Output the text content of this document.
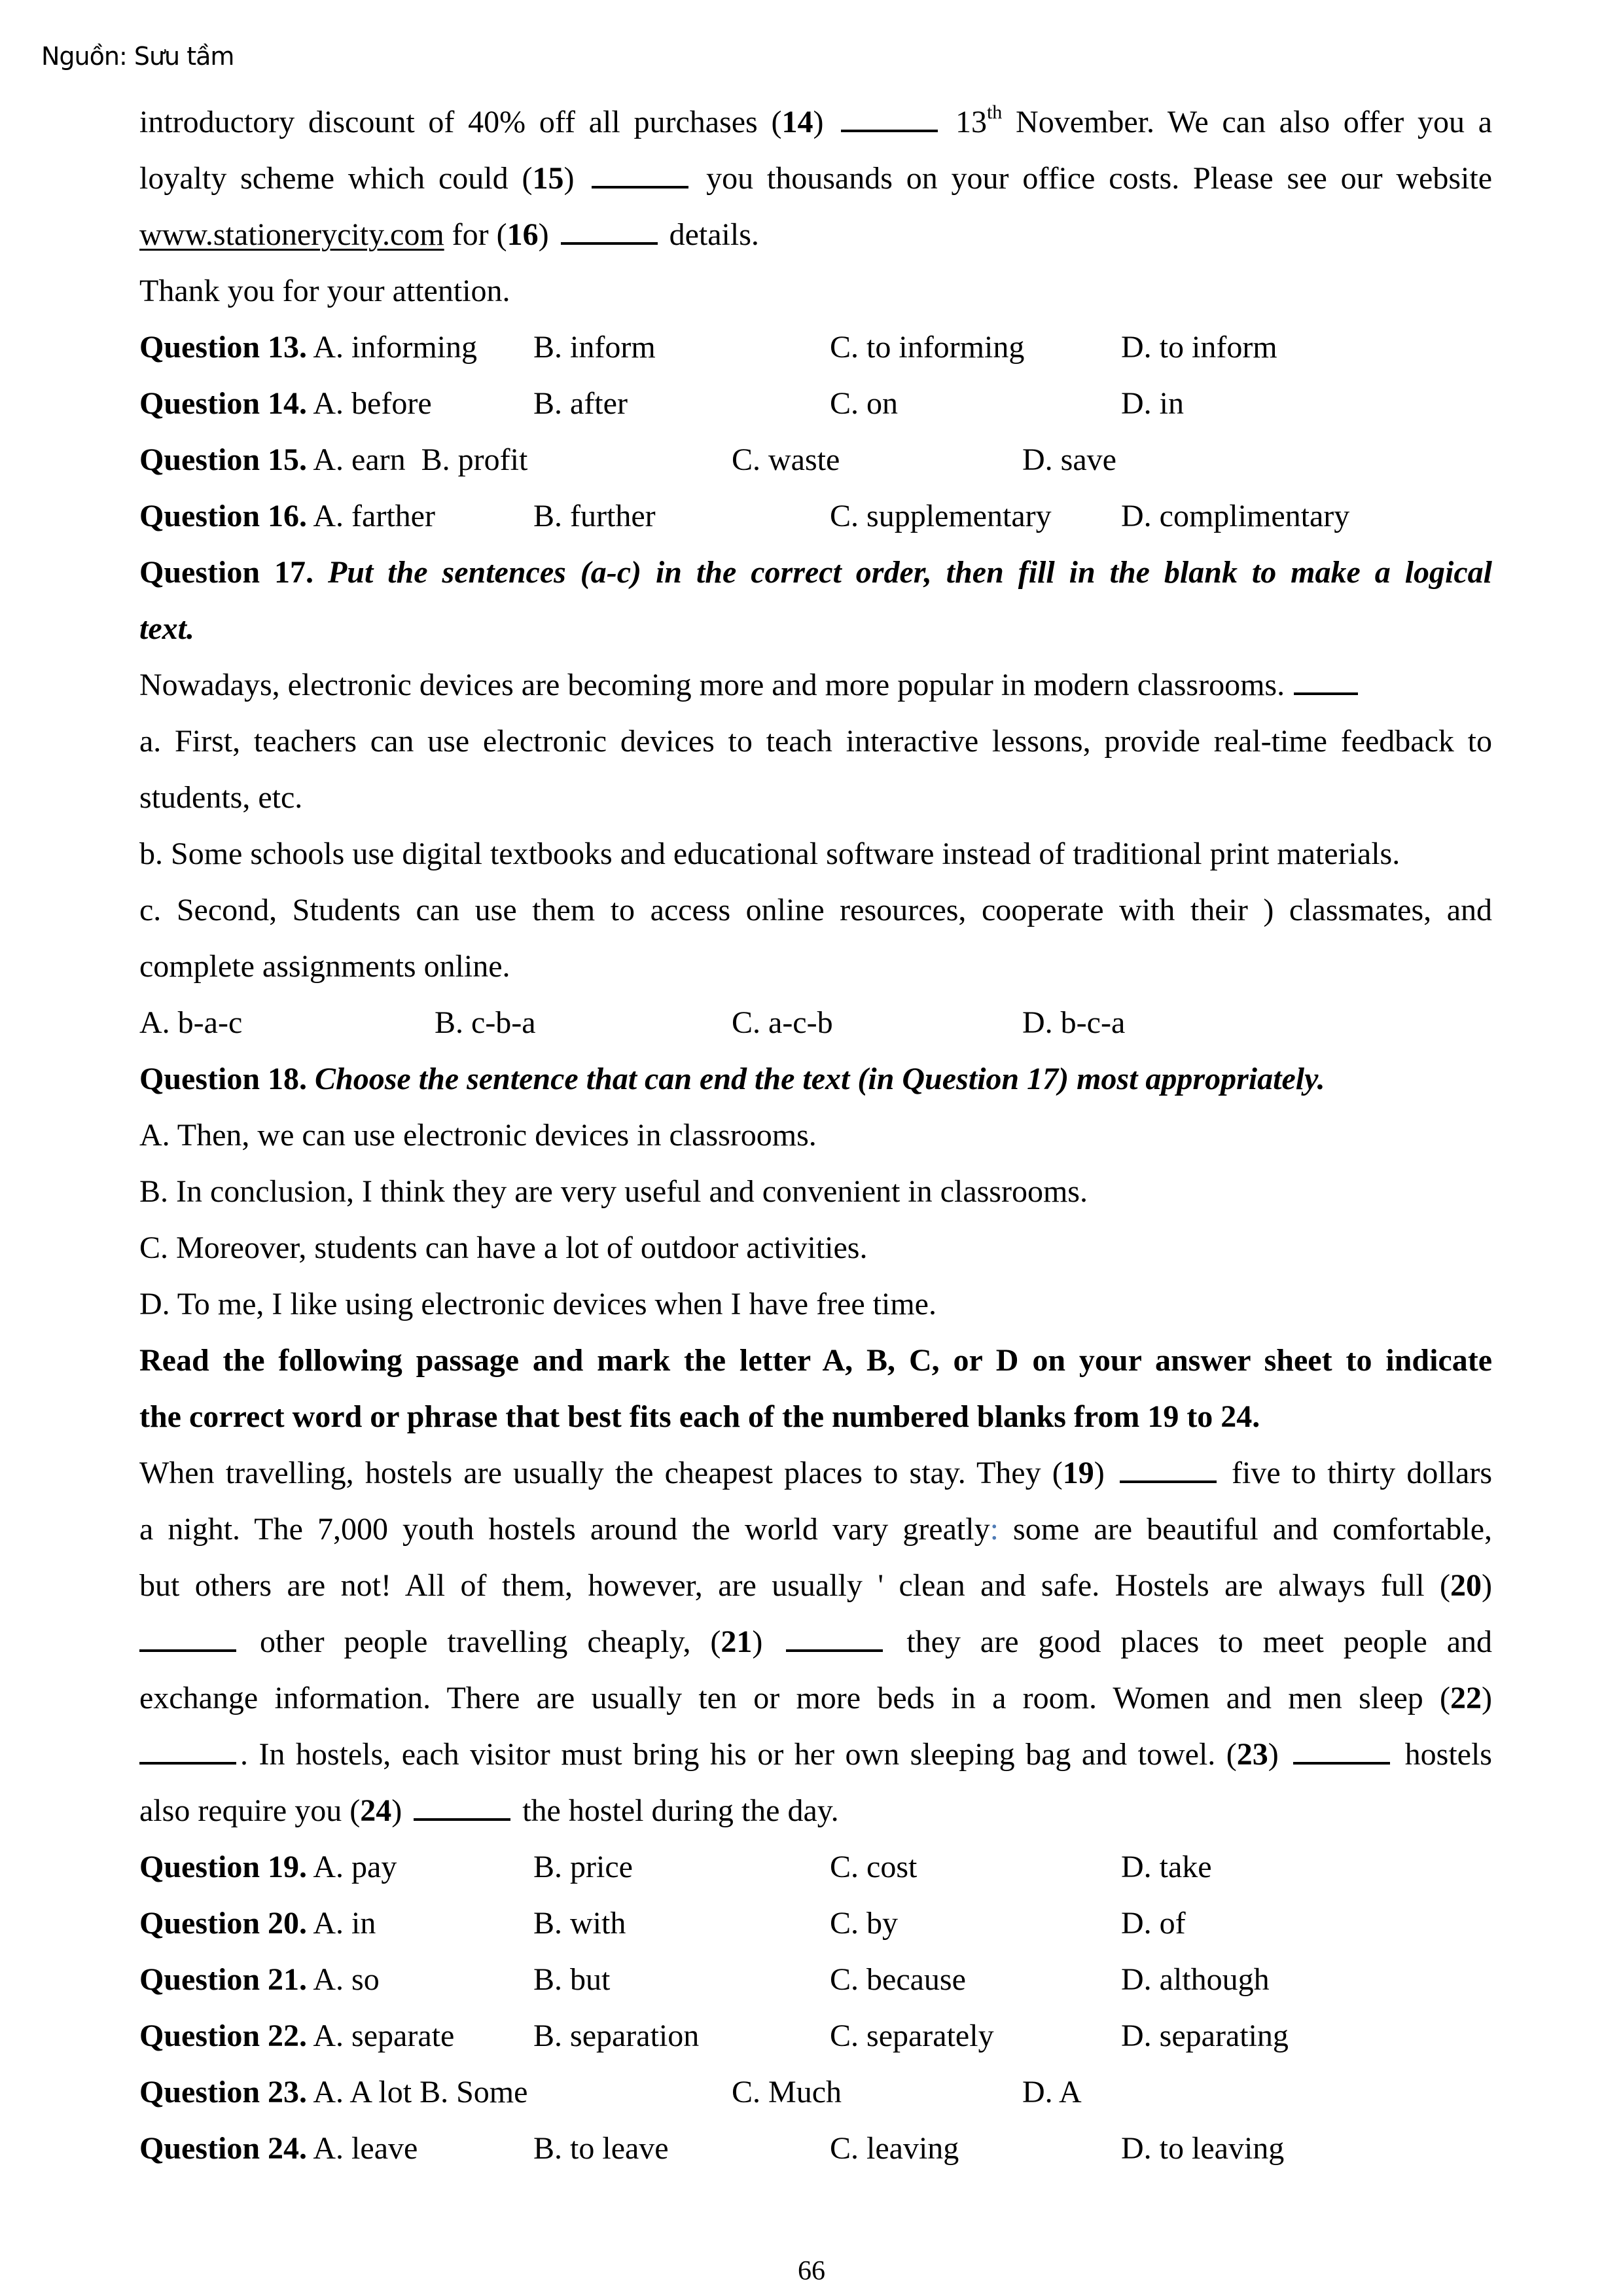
Nguồn: Sưu tầm
introductory discount of 40% off all purchases (14)	13th November. We can also offer you a
loyalty scheme which could (15)	you thousands on your office costs. Please see our website
www.stationerycity.com for (16)	details.
Thank you for your attention.
Question 13. A. informing B. inform	C. to informing	D. to inform
Question 14. A. before	B. after	C. on	D. in
Question 15. A. earn B. profit	C. waste	D. save
Question 16. A. farther	B. further	C. supplementary D. complimentary
Question 17. Put the sentences (a-c) in the correct order, then fill in the blank to make a logical
text.
Nowadays, electronic devices are becoming more and more popular in modern classrooms.
a. First, teachers can use electronic devices to teach interactive lessons, provide real-time feedback to
students, etc.
b. Some schools use digital textbooks and educational software instead of traditional print materials.
c. Second, Students can use them to access online resources, cooperate with their ) classmates, and
complete assignments online.
A. b-a-c	B. c-b-a	C. a-c-b	D. b-c-a
Question 18. Choose the sentence that can end the text (in Question 17) most appropriately.
A. Then, we can use electronic devices in classrooms.
B. In conclusion, I think they are very useful and convenient in classrooms.
C. Moreover, students can have a lot of outdoor activities.
D. To me, I like using electronic devices when I have free time.
Read the following passage and mark the letter A, B, C, or D on your answer sheet to indicate
the correct word or phrase that best fits each of the numbered blanks from 19 to 24.
When travelling, hostels are usually the cheapest places to stay. They (19)	five to thirty dollars
a night. The 7,000 youth hostels around the world vary greatly: some are beautiful and comfortable,
but others are not! All of them, however, are usually ' clean and safe. Hostels are always full (20)
other people travelling cheaply, (21)	they are good places to meet people and
exchange information. There are usually ten or more beds in a room. Women and men sleep (22)
. In hostels, each visitor must bring his or her own sleeping bag and towel. (23)	hostels
also require you (24)	the hostel during the day.
Question 19. A. pay	B. price	C. cost	D. take
Question 20. A. in	B. with	C. by	D. of
Question 21. A. so	B. but	C. because	D. although
Question 22. A. separate	B. separation	C. separately	D. separating
Question 23. A. A lot B. Some	C. Much	D. A
Question 24. A. leave	B. to leave	C. leaving	D. to leaving
66
